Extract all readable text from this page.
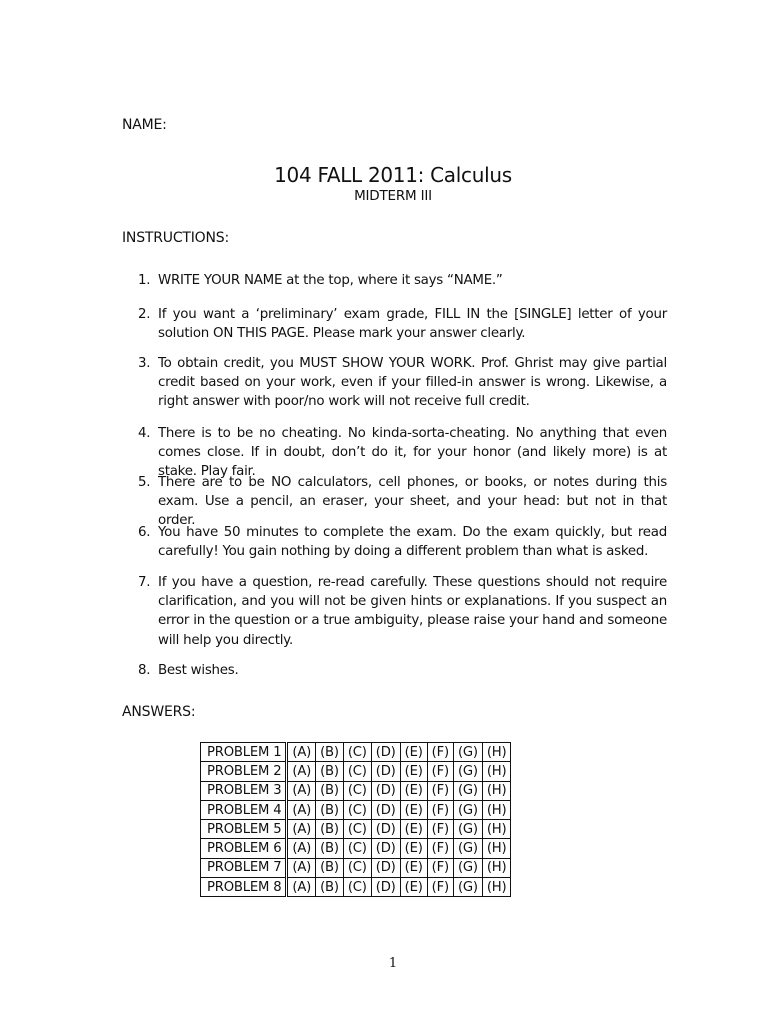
NAME:
104 FALL 2011: Calculus
MIDTERM III
INSTRUCTIONS:
1. WRITE YOUR NAME at the top, where it says “NAME.”
2. If you want a ‘preliminary’ exam grade, FILL IN the [SINGLE] letter of your solution ON THIS PAGE. Please mark your answer clearly.
3. To obtain credit, you MUST SHOW YOUR WORK. Prof. Ghrist may give partial credit based on your work, even if your filled-in answer is wrong. Likewise, a right answer with poor/no work will not receive full credit.
4. There is to be no cheating. No kinda-sorta-cheating. No anything that even comes close. If in doubt, don’t do it, for your honor (and likely more) is at stake. Play fair.
5. There are to be NO calculators, cell phones, or books, or notes during this exam. Use a pencil, an eraser, your sheet, and your head: but not in that order.
6. You have 50 minutes to complete the exam. Do the exam quickly, but read carefully! You gain nothing by doing a different problem than what is asked.
7. If you have a question, re-read carefully. These questions should not require clarification, and you will not be given hints or explanations. If you suspect an error in the question or a true ambiguity, please raise your hand and someone will help you directly.
8. Best wishes.
ANSWERS:
PROBLEM 1	(A)	(B)	(C)	(D)	(E)	(F)	(G)	(H)
PROBLEM 2	(A)	(B)	(C)	(D)	(E)	(F)	(G)	(H)
PROBLEM 3	(A)	(B)	(C)	(D)	(E)	(F)	(G)	(H)
PROBLEM 4	(A)	(B)	(C)	(D)	(E)	(F)	(G)	(H)
PROBLEM 5	(A)	(B)	(C)	(D)	(E)	(F)	(G)	(H)
PROBLEM 6	(A)	(B)	(C)	(D)	(E)	(F)	(G)	(H)
PROBLEM 7	(A)	(B)	(C)	(D)	(E)	(F)	(G)	(H)
PROBLEM 8	(A)	(B)	(C)	(D)	(E)	(F)	(G)	(H)
1
